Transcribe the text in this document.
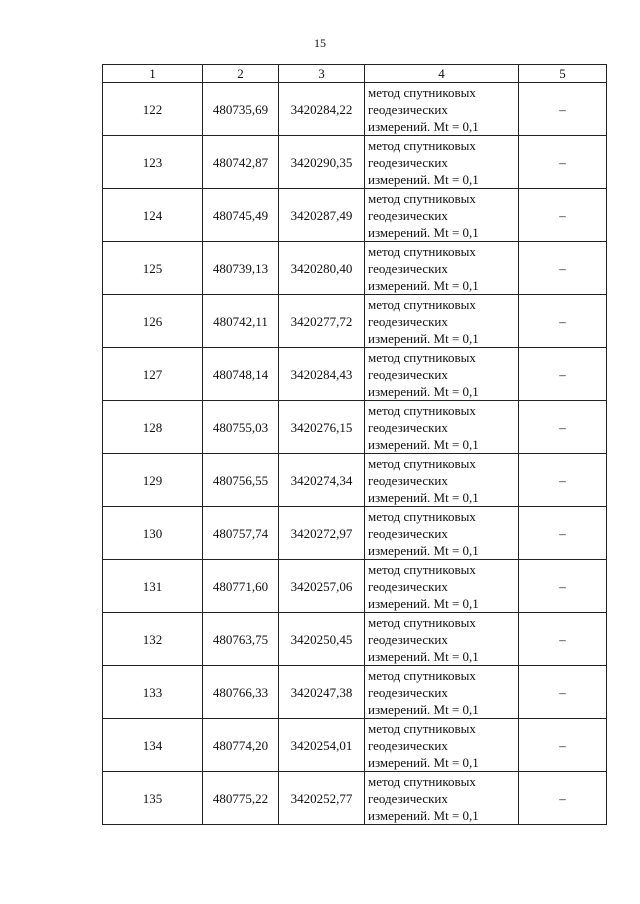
15
1	2	3	4	5
122	480735,69	3420284,22	метод спутниковых
геодезических
измерений. Mt = 0,1	–
123	480742,87	3420290,35	метод спутниковых
геодезических
измерений. Mt = 0,1	–
124	480745,49	3420287,49	метод спутниковых
геодезических
измерений. Mt = 0,1	–
125	480739,13	3420280,40	метод спутниковых
геодезических
измерений. Mt = 0,1	–
126	480742,11	3420277,72	метод спутниковых
геодезических
измерений. Mt = 0,1	–
127	480748,14	3420284,43	метод спутниковых
геодезических
измерений. Mt = 0,1	–
128	480755,03	3420276,15	метод спутниковых
геодезических
измерений. Mt = 0,1	–
129	480756,55	3420274,34	метод спутниковых
геодезических
измерений. Mt = 0,1	–
130	480757,74	3420272,97	метод спутниковых
геодезических
измерений. Mt = 0,1	–
131	480771,60	3420257,06	метод спутниковых
геодезических
измерений. Mt = 0,1	–
132	480763,75	3420250,45	метод спутниковых
геодезических
измерений. Mt = 0,1	–
133	480766,33	3420247,38	метод спутниковых
геодезических
измерений. Mt = 0,1	–
134	480774,20	3420254,01	метод спутниковых
геодезических
измерений. Mt = 0,1	–
135	480775,22	3420252,77	метод спутниковых
геодезических
измерений. Mt = 0,1	–
